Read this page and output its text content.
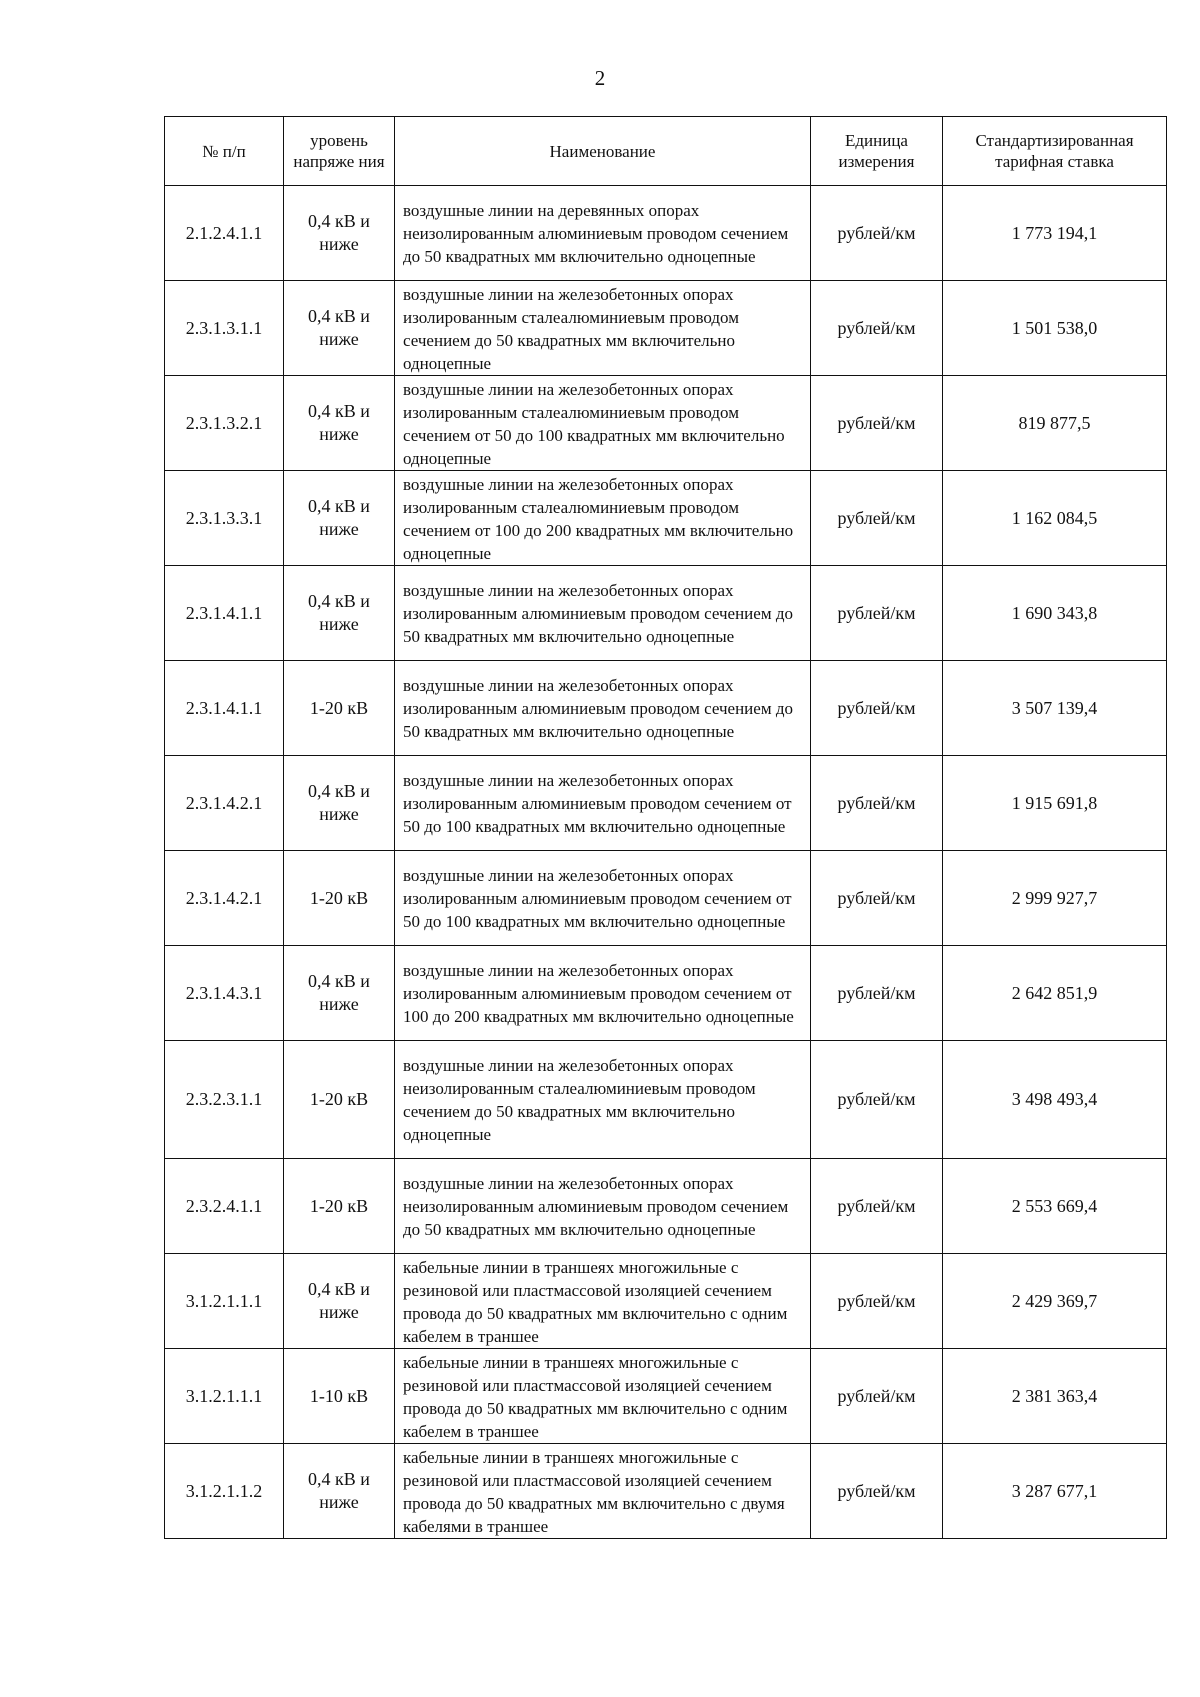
2
№ п/п	уровень напряже ния	Наименование	Единица измерения	Стандартизированная тарифная ставка
2.1.2.4.1.1	0,4 кВ и ниже	воздушные линии на деревянных опорах неизолированным алюминиевым проводом сечением до 50 квадратных мм включительно одноцепные	рублей/км	1 773 194,1
2.3.1.3.1.1	0,4 кВ и ниже	воздушные линии на железобетонных опорах изолированным сталеалюминиевым проводом сечением до 50 квадратных мм включительно одноцепные	рублей/км	1 501 538,0
2.3.1.3.2.1	0,4 кВ и ниже	воздушные линии на железобетонных опорах изолированным сталеалюминиевым проводом сечением от 50 до 100 квадратных мм включительно одноцепные	рублей/км	819 877,5
2.3.1.3.3.1	0,4 кВ и ниже	воздушные линии на железобетонных опорах изолированным сталеалюминиевым проводом сечением от 100 до 200 квадратных мм включительно одноцепные	рублей/км	1 162 084,5
2.3.1.4.1.1	0,4 кВ и ниже	воздушные линии на железобетонных опорах изолированным алюминиевым проводом сечением до 50 квадратных мм включительно одноцепные	рублей/км	1 690 343,8
2.3.1.4.1.1	1-20 кВ	воздушные линии на железобетонных опорах изолированным алюминиевым проводом сечением до 50 квадратных мм включительно одноцепные	рублей/км	3 507 139,4
2.3.1.4.2.1	0,4 кВ и ниже	воздушные линии на железобетонных опорах изолированным алюминиевым проводом сечением от 50 до 100 квадратных мм включительно одноцепные	рублей/км	1 915 691,8
2.3.1.4.2.1	1-20 кВ	воздушные линии на железобетонных опорах изолированным алюминиевым проводом сечением от 50 до 100 квадратных мм включительно одноцепные	рублей/км	2 999 927,7
2.3.1.4.3.1	0,4 кВ и ниже	воздушные линии на железобетонных опорах изолированным алюминиевым проводом сечением от 100 до 200 квадратных мм включительно одноцепные	рублей/км	2 642 851,9
2.3.2.3.1.1	1-20 кВ	воздушные линии на железобетонных опорах неизолированным сталеалюминиевым проводом сечением до 50 квадратных мм включительно одноцепные	рублей/км	3 498 493,4
2.3.2.4.1.1	1-20 кВ	воздушные линии на железобетонных опорах неизолированным алюминиевым проводом сечением до 50 квадратных мм включительно одноцепные	рублей/км	2 553 669,4
3.1.2.1.1.1	0,4 кВ и ниже	кабельные линии в траншеях многожильные с резиновой или пластмассовой изоляцией сечением провода до 50 квадратных мм включительно с одним кабелем в траншее	рублей/км	2 429 369,7
3.1.2.1.1.1	1-10 кВ	кабельные линии в траншеях многожильные с резиновой или пластмассовой изоляцией сечением провода до 50 квадратных мм включительно с одним кабелем в траншее	рублей/км	2 381 363,4
3.1.2.1.1.2	0,4 кВ и ниже	кабельные линии в траншеях многожильные с резиновой или пластмассовой изоляцией сечением провода до 50 квадратных мм включительно с двумя кабелями в траншее	рублей/км	3 287 677,1
